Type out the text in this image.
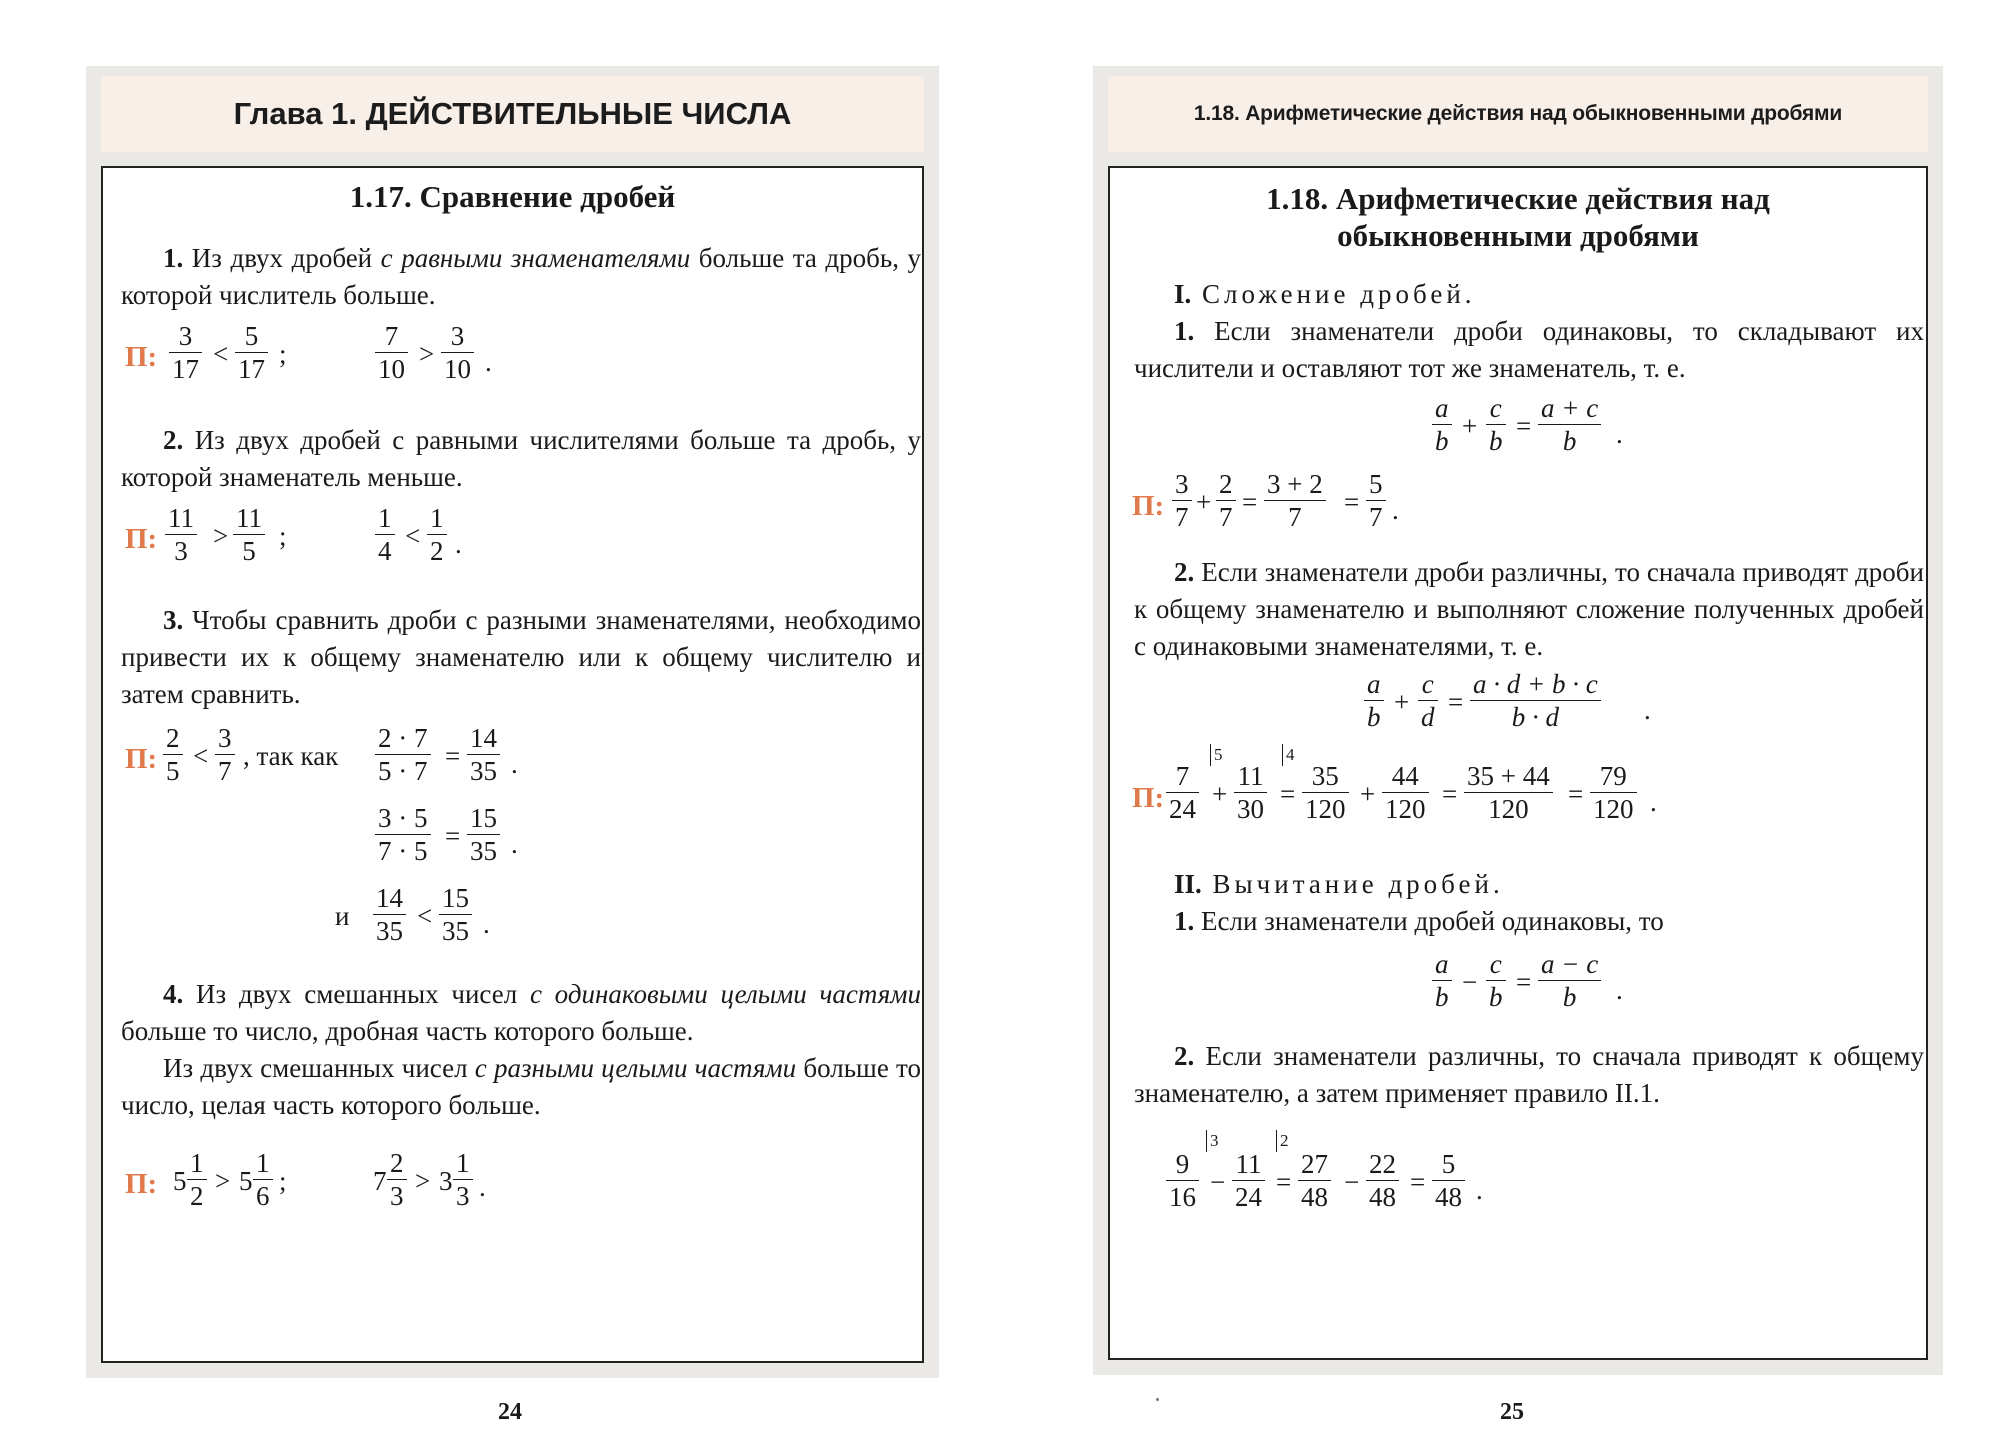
Глава 1. ДЕЙСТВИТЕЛЬНЫЕ ЧИСЛА
1.17. Сравнение дробей
1. Из двух дробей с равными знаменателями больше та дробь, у которой числитель больше.
П:
3
17 <
5
17 ;
7
10 >
3
10 .
2. Из двух дробей с равными числителями больше та дробь, у которой знаменатель меньше.
П:
11
3 >
11
5 ;
1
4 <
1
2 .
3. Чтобы сравнить дроби с разными знаменателями, необходимо привести их к общему знаменателю или к общему числителю и затем сравнить.
П:
2
5 <
3
7 , так как
2 · 7
5 · 7 =
14
35 .
3 · 5
7 · 5 =
15
35 .
и
14
35 <
15
35 .
4. Из двух смешанных чисел с одинаковыми целыми частями больше то число, дробная часть которого больше.
Из двух смешанных чисел с разными целыми частями больше то число, целая часть которого больше.
П: 5
1
2 > 5
1
6 ;	7
2
3 > 3
1
3 .
24
1.18. Арифметические действия над обыкновенными дробями
1.18. Арифметические действия над
обыкновенными дробями
I. Сложение дробей.
1. Если знаменатели дроби одинаковы, то складывают их числители и оставляют тот же знаменатель, т. е.
a
b +
c
b =
a + c
b .
П:
3
7 +
2
7 =
3 + 2
7 =
5
7 .
2. Если знаменатели дроби различны, то сначала приводят дроби к общему знаменателю и выполняют сложение полученных дробей с одинаковыми знаменателями, т. е.
a
b +
c
d =
a · d + b · c
b · d	.
5	4
П:
7
24 +
11
30 =
35
120 +
44
120 =
35 + 44
120 =
79
120 .
II. Вычитание дробей.
1. Если знаменатели дробей одинаковы, то
a
b −
c
b =
a − c
b .
2. Если знаменатели различны, то сначала приводят к общему знаменателю, а затем применяет правило II.1.
3	2
9
16 −
11
24 =
27
48 −
22
48 =
5
48 .
25
